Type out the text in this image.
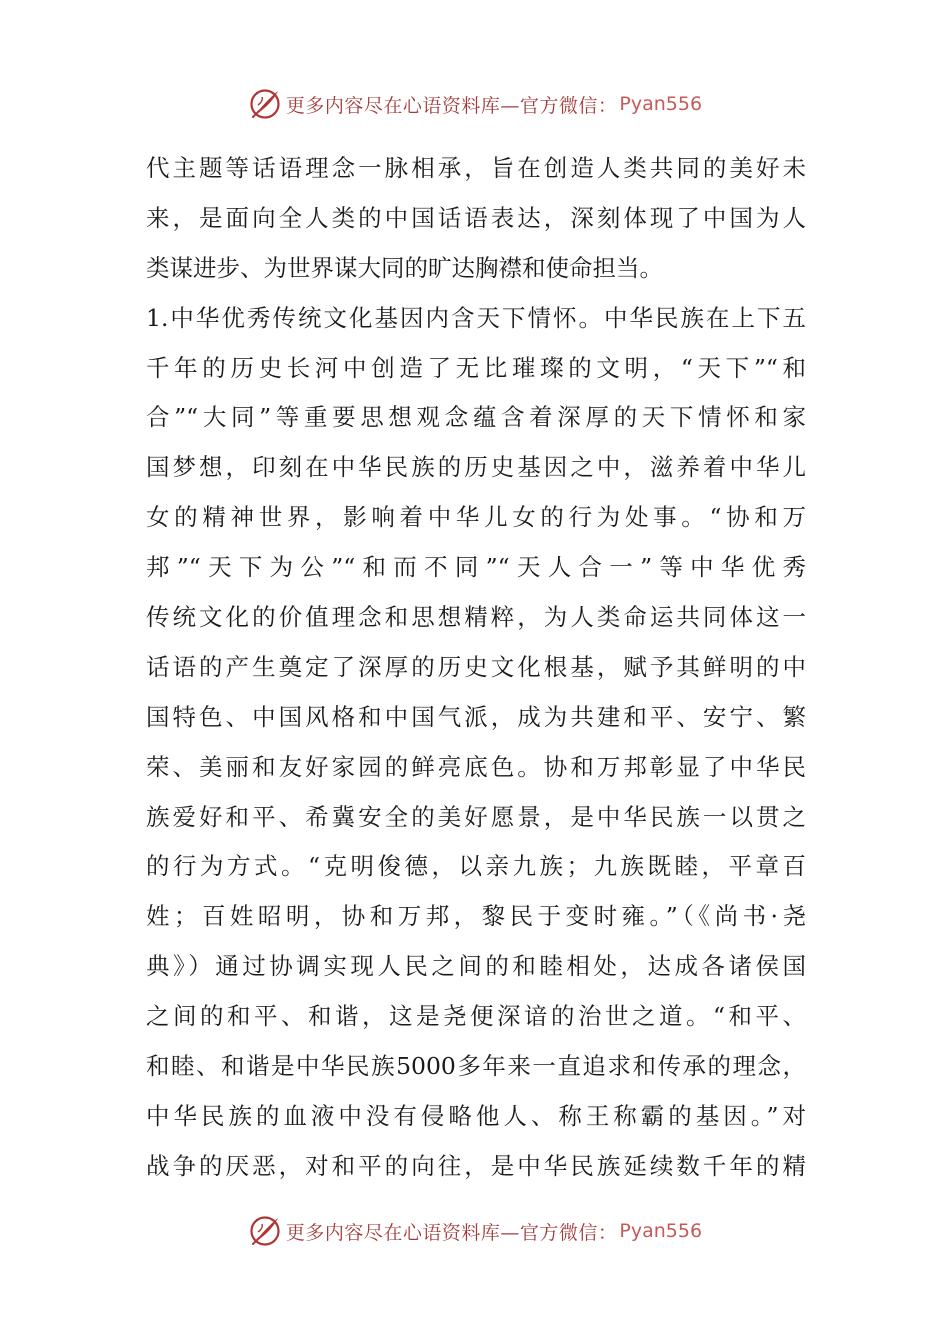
更多内容尽在心语资料库—官方微信： Pyan556
代主题等话语理念一脉相承，旨在创造人类共同的美好未
来，是面向全人类的中国话语表达，深刻体现了中国为人
类谋进步、为世界谋大同的旷达胸襟和使命担当。
1.中华优秀传统文化基因内含天下情怀。中华民族在上下五
千年的历史长河中创造了无比璀璨的文明，“天下”“和
合”“大同”等重要思想观念蕴含着深厚的天下情怀和家
国梦想，印刻在中华民族的历史基因之中，滋养着中华儿
女的精神世界，影响着中华儿女的行为处事。“协和万
邦”“天下为公”“和而不同”“天人合一”等中华优秀
传统文化的价值理念和思想精粹，为人类命运共同体这一
话语的产生奠定了深厚的历史文化根基，赋予其鲜明的中
国特色、中国风格和中国气派，成为共建和平、安宁、繁
荣、美丽和友好家园的鲜亮底色。协和万邦彰显了中华民
族爱好和平、希冀安全的美好愿景，是中华民族一以贯之
的行为方式。“克明俊德，以亲九族；九族既睦，平章百
姓；百姓昭明，协和万邦，黎民于变时雍。”（《尚书·尧
典》）通过协调实现人民之间的和睦相处，达成各诸侯国
之间的和平、和谐，这是尧便深谙的治世之道。“和平、
和睦、和谐是中华民族5000多年来一直追求和传承的理念，
中华民族的血液中没有侵略他人、称王称霸的基因。”对
战争的厌恶，对和平的向往，是中华民族延续数千年的精
更多内容尽在心语资料库—官方微信： Pyan556
